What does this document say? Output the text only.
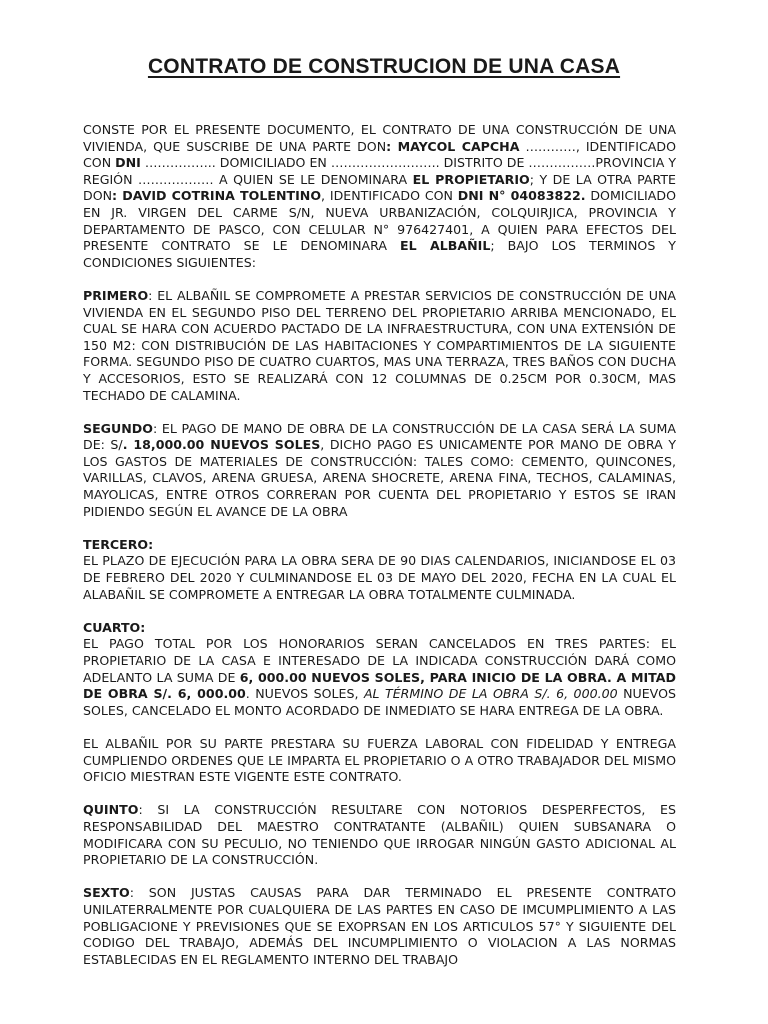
CONTRATO DE CONSTRUCION DE UNA CASA

CONSTE POR EL PRESENTE DOCUMENTO, EL CONTRATO DE UNA CONSTRUCCIÓN DE UNA VIVIENDA, QUE SUSCRIBE DE UNA PARTE DON: MAYCOL CAPCHA …………, IDENTIFICADO CON DNI …………….. DOMICILIADO EN …………………….. DISTRITO DE …………….PROVINCIA Y REGIÓN ……………… A QUIEN SE LE DENOMINARA EL PROPIETARIO; Y DE LA OTRA PARTE DON: DAVID COTRINA TOLENTINO, IDENTIFICADO CON DNI N° 04083822. DOMICILIADO EN JR. VIRGEN DEL CARME S/N, NUEVA URBANIZACIÓN, COLQUIRJICA, PROVINCIA Y DEPARTAMENTO DE PASCO, CON CELULAR N° 976427401, A QUIEN PARA EFECTOS DEL PRESENTE CONTRATO SE LE DENOMINARA EL ALBAÑIL; BAJO LOS TERMINOS Y CONDICIONES SIGUIENTES:

PRIMERO: EL ALBAÑIL SE COMPROMETE A PRESTAR SERVICIOS DE CONSTRUCCIÓN DE UNA VIVIENDA EN EL SEGUNDO PISO DEL TERRENO DEL PROPIETARIO ARRIBA MENCIONADO, EL CUAL SE HARA CON ACUERDO PACTADO DE LA INFRAESTRUCTURA, CON UNA EXTENSIÓN DE 150 M2: CON DISTRIBUCIÓN DE LAS HABITACIONES Y COMPARTIMIENTOS DE LA SIGUIENTE FORMA. SEGUNDO PISO DE CUATRO CUARTOS, MAS UNA TERRAZA, TRES BAÑOS CON DUCHA Y ACCESORIOS, ESTO SE REALIZARÁ CON 12 COLUMNAS DE 0.25CM POR 0.30CM, MAS TECHADO DE CALAMINA.

SEGUNDO: EL PAGO DE MANO DE OBRA DE LA CONSTRUCCIÓN DE LA CASA SERÁ LA SUMA DE: S/. 18,000.00 NUEVOS SOLES, DICHO PAGO ES UNICAMENTE POR MANO DE OBRA Y LOS GASTOS DE MATERIALES DE CONSTRUCCIÓN: TALES COMO: CEMENTO, QUINCONES, VARILLAS, CLAVOS, ARENA GRUESA, ARENA SHOCRETE, ARENA FINA, TECHOS, CALAMINAS, MAYOLICAS, ENTRE OTROS CORRERAN POR CUENTA DEL PROPIETARIO Y ESTOS SE IRAN PIDIENDO SEGÚN EL AVANCE DE LA OBRA

TERCERO:
EL PLAZO DE EJECUCIÓN PARA LA OBRA SERA DE 90 DIAS CALENDARIOS, INICIANDOSE EL 03 DE FEBRERO DEL 2020 Y CULMINANDOSE EL 03 DE MAYO DEL 2020, FECHA EN LA CUAL EL ALABAÑIL SE COMPROMETE A ENTREGAR LA OBRA TOTALMENTE CULMINADA.

CUARTO:
EL PAGO TOTAL POR LOS HONORARIOS SERAN CANCELADOS EN TRES PARTES: EL PROPIETARIO DE LA CASA E INTERESADO DE LA INDICADA CONSTRUCCIÓN DARÁ COMO ADELANTO LA SUMA DE 6, 000.00 NUEVOS SOLES, PARA INICIO DE LA OBRA. A MITAD DE OBRA S/. 6, 000.00. NUEVOS SOLES, AL TÉRMINO DE LA OBRA S/. 6, 000.00 NUEVOS SOLES, CANCELADO EL MONTO ACORDADO DE INMEDIATO SE HARA ENTREGA DE LA OBRA.

EL ALBAÑIL POR SU PARTE PRESTARA SU FUERZA LABORAL CON FIDELIDAD Y ENTREGA CUMPLIENDO ORDENES QUE LE IMPARTA EL PROPIETARIO O A OTRO TRABAJADOR DEL MISMO OFICIO MIESTRAN ESTE VIGENTE ESTE CONTRATO.

QUINTO: SI LA CONSTRUCCIÓN RESULTARE CON NOTORIOS DESPERFECTOS, ES RESPONSABILIDAD DEL MAESTRO CONTRATANTE (ALBAÑIL) QUIEN SUBSANARA O MODIFICARA CON SU PECULIO, NO TENIENDO QUE IRROGAR NINGÚN GASTO ADICIONAL AL PROPIETARIO DE LA CONSTRUCCIÓN.

SEXTO: SON JUSTAS CAUSAS PARA DAR TERMINADO EL PRESENTE CONTRATO UNILATERRALMENTE POR CUALQUIERA DE LAS PARTES EN CASO DE IMCUMPLIMIENTO A LAS POBLIGACIONE Y PREVISIONES QUE SE EXOPRSAN EN LOS ARTICULOS 57° Y SIGUIENTE DEL CODIGO DEL TRABAJO, ADEMÁS DEL INCUMPLIMIENTO O VIOLACION A LAS NORMAS ESTABLECIDAS EN EL REGLAMENTO INTERNO DEL TRABAJO
